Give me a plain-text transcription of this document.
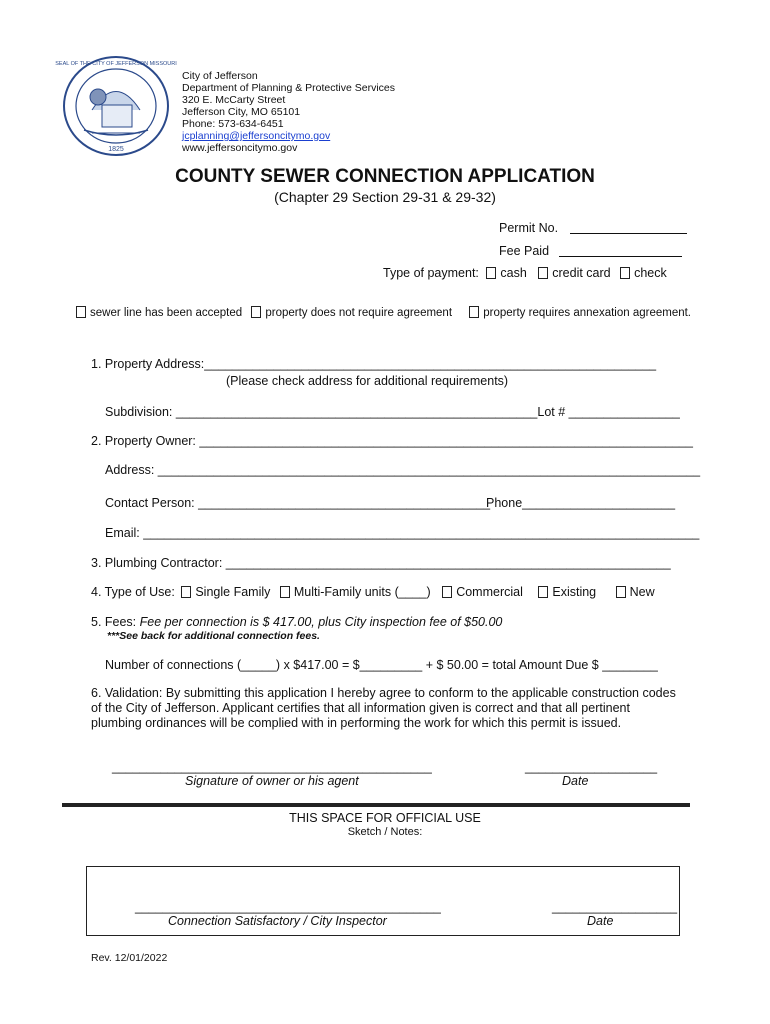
1825
SEAL OF THE CITY OF JEFFERSON MISSOURI
City of Jefferson
Department of Planning & Protective Services
320 E. McCarty Street
Jefferson City, MO 65101
Phone: 573-634-6451
jcplanning@jeffersoncitymo.gov
www.jeffersoncitymo.gov
COUNTY SEWER CONNECTION APPLICATION
(Chapter 29 Section 29-31 & 29-32)
Permit No.
Fee Paid
Type of payment: cash credit card check
sewer line has been accepted property does not require agreement	property requires annexation agreement.
1. Property Address:_________________________________________________________________
(Please check address for additional requirements)
Subdivision: ____________________________________________________Lot # ________________
2. Property Owner: _______________________________________________________________________
Address: ______________________________________________________________________________
Contact Person: __________________________________________
Phone______________________
Email: ________________________________________________________________________________
3. Plumbing Contractor: ________________________________________________________________
4. Type of Use: Single Family Multi-Family units (____) Commercial Existing	New
5. Fees: Fee per connection is $ 417.00, plus City inspection fee of $50.00
***See back for additional connection fees.
Number of connections (_____) x $417.00 = $_________ + $ 50.00 = total Amount Due $ ________
6. Validation: By submitting this application I hereby agree to conform to the applicable construction codes of the City of Jefferson. Applicant certifies that all information given is correct and that all pertinent plumbing ordinances will be complied with in performing the work for which this permit is issued.
______________________________________________
Signature of owner or his agent
___________________
Date
THIS SPACE FOR OFFICIAL USE
Sketch / Notes:
____________________________________________
Connection Satisfactory / City Inspector
__________________
Date
Rev. 12/01/2022
